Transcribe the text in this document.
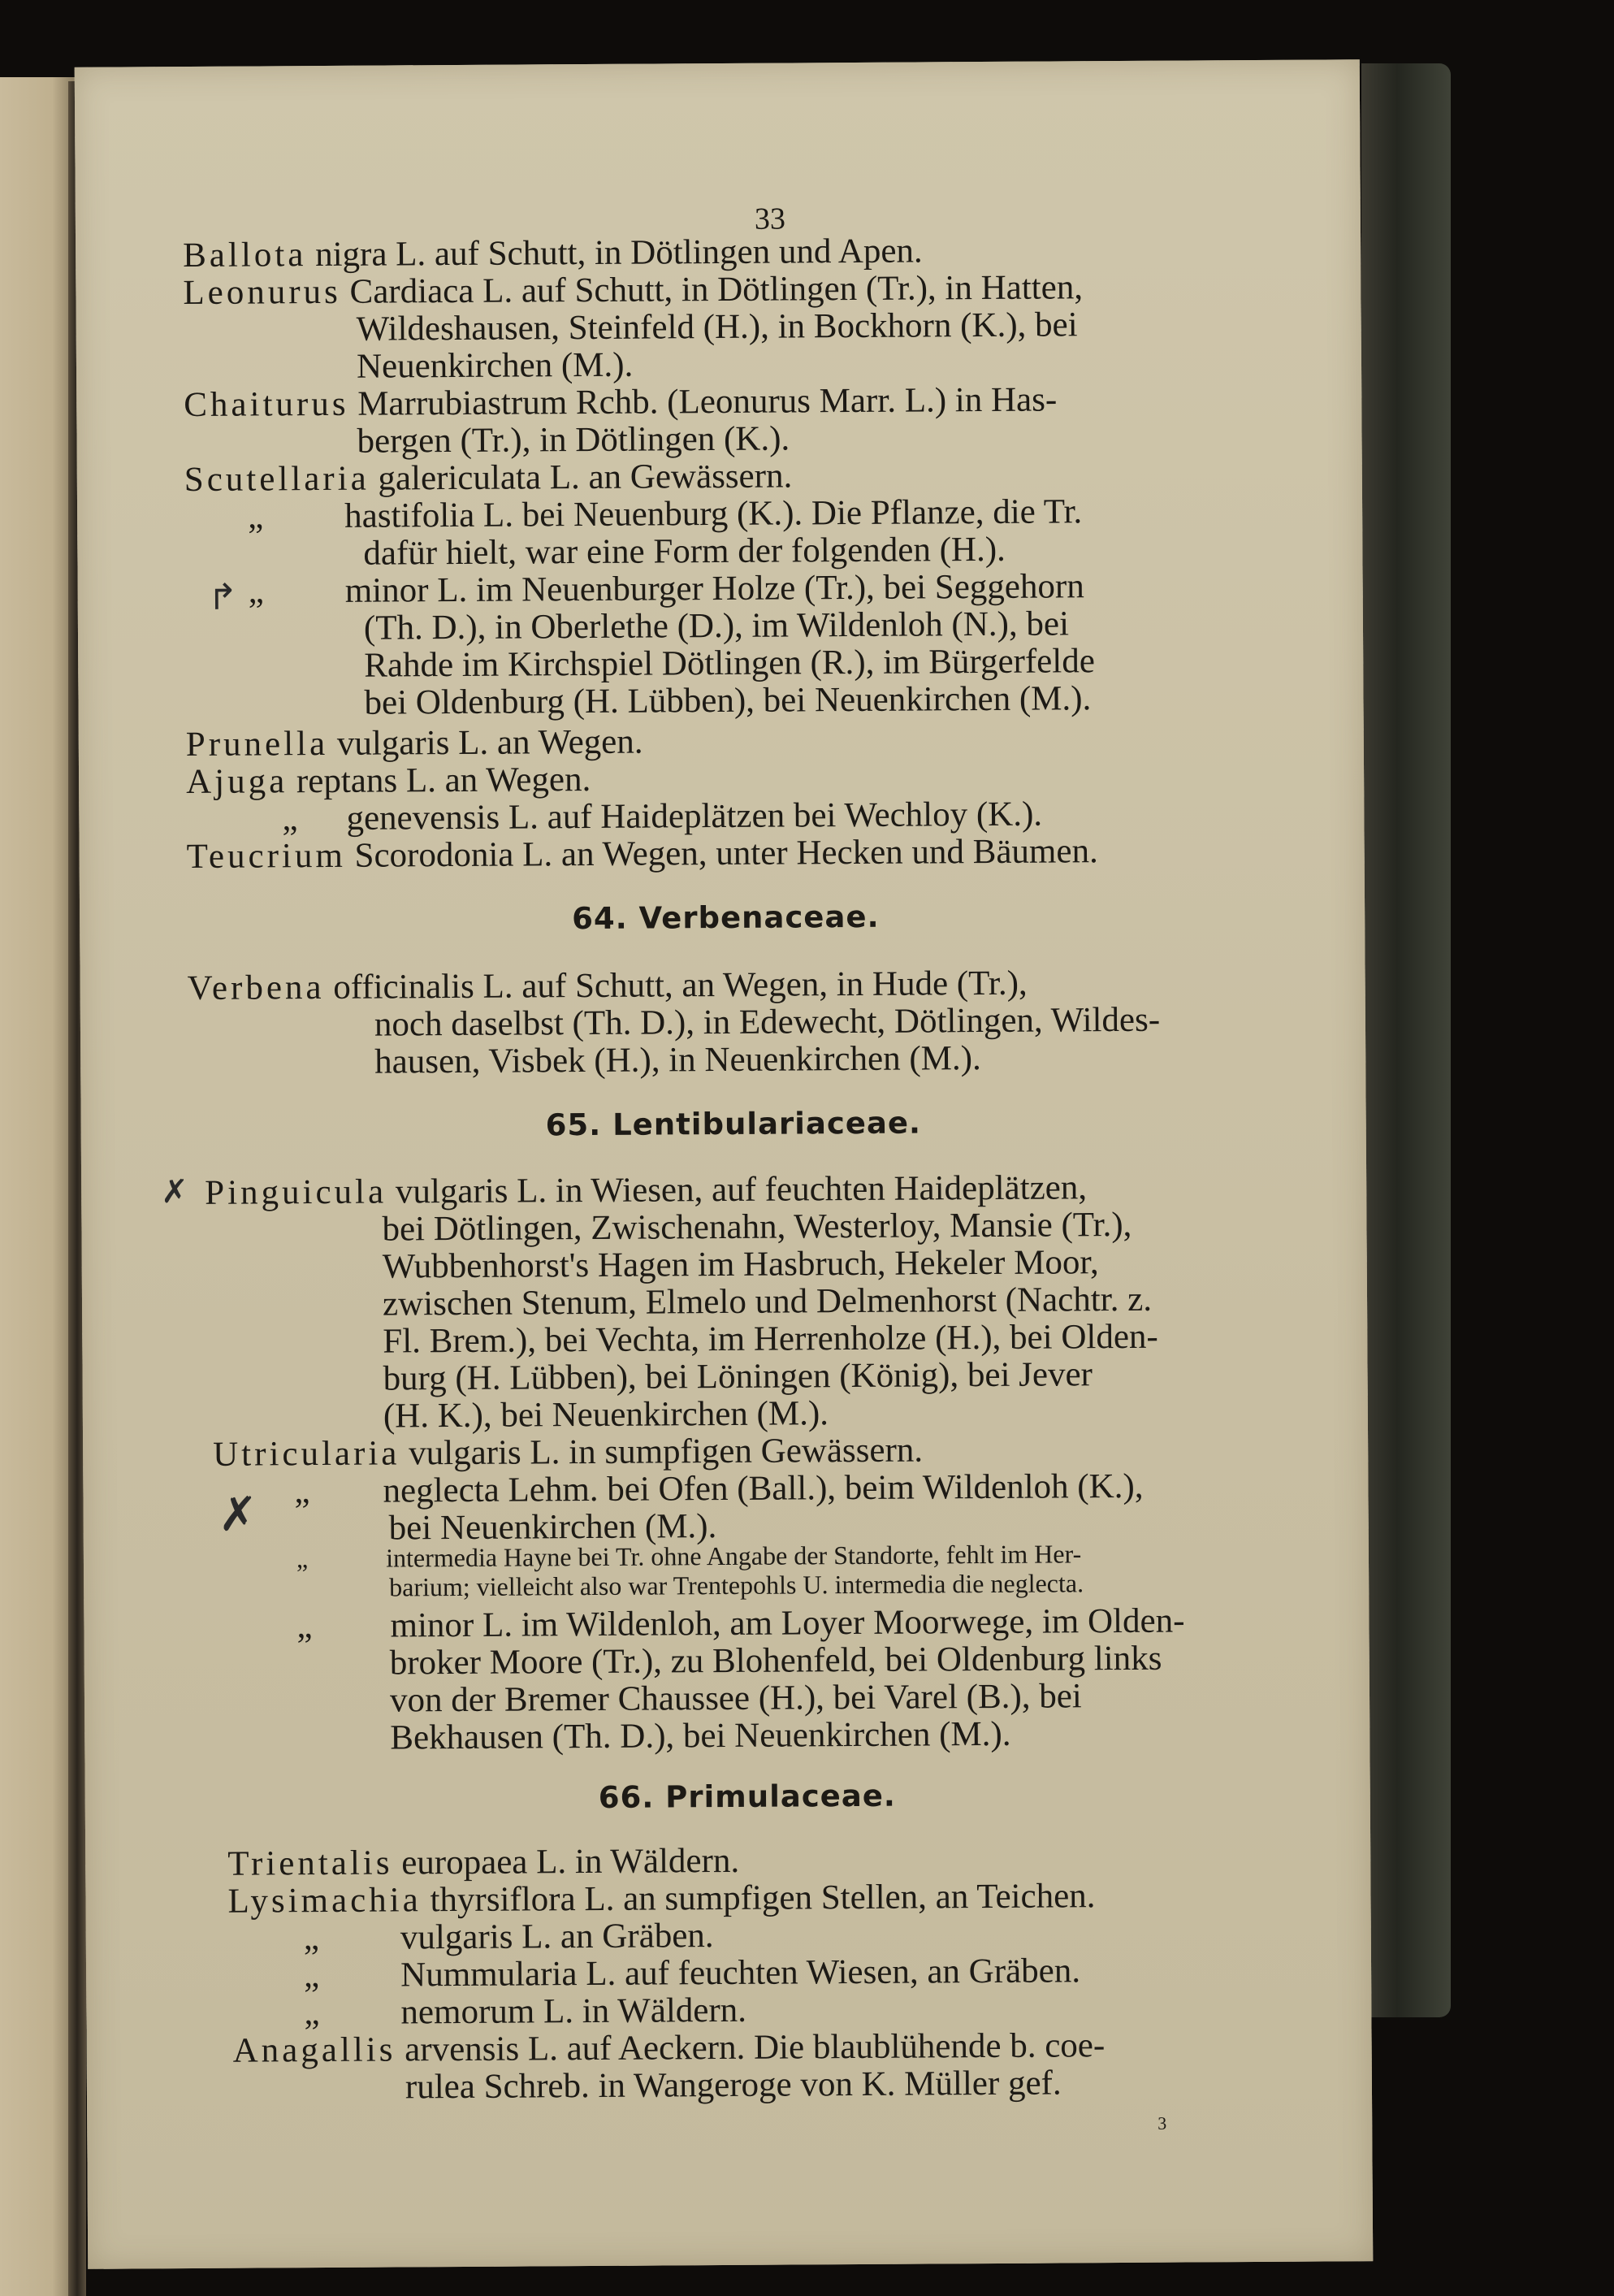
33
Ballota nigra L. auf Schutt, in Dötlingen und Apen.
Leonurus Cardiaca L. auf Schutt, in Dötlingen (Tr.), in Hatten,
Wildeshausen, Steinfeld (H.), in Bockhorn (K.), bei
Neuenkirchen (M.).
Chaiturus Marrubiastrum Rchb. (Leonurus Marr. L.) in Has-
bergen (Tr.), in Dötlingen (K.).
Scutellaria galericulata L. an Gewässern.
„ hastifolia L. bei Neuenburg (K.). Die Pflanze, die Tr.
dafür hielt, war eine Form der folgenden (H.).
„ minor L. im Neuenburger Holze (Tr.), bei Seggehorn
(Th. D.), in Oberlethe (D.), im Wildenloh (N.), bei
Rahde im Kirchspiel Dötlingen (R.), im Bürgerfelde
bei Oldenburg (H. Lübben), bei Neuenkirchen (M.).
Prunella vulgaris L. an Wegen.
Ajuga reptans L. an Wegen.
„ genevensis L. auf Haideplätzen bei Wechloy (K.).
Teucrium Scorodonia L. an Wegen, unter Hecken und Bäumen.
64. Verbenaceae.
Verbena officinalis L. auf Schutt, an Wegen, in Hude (Tr.),
noch daselbst (Th. D.), in Edewecht, Dötlingen, Wildes-
hausen, Visbek (H.), in Neuenkirchen (M.).
65. Lentibulariaceae.
Pinguicula vulgaris L. in Wiesen, auf feuchten Haideplätzen,
bei Dötlingen, Zwischenahn, Westerloy, Mansie (Tr.),
Wubbenhorst's Hagen im Hasbruch, Hekeler Moor,
zwischen Stenum, Elmelo und Delmenhorst (Nachtr. z.
Fl. Brem.), bei Vechta, im Herrenholze (H.), bei Olden-
burg (H. Lübben), bei Löningen (König), bei Jever
(H. K.), bei Neuenkirchen (M.).
Utricularia vulgaris L. in sumpfigen Gewässern.
„ neglecta Lehm. bei Ofen (Ball.), beim Wildenloh (K.),
bei Neuenkirchen (M.).
„	intermedia Hayne bei Tr. ohne Angabe der Standorte, fehlt im Her-
barium; vielleicht also war Trentepohls U. intermedia die neglecta.
„ minor L. im Wildenloh, am Loyer Moorwege, im Olden-
broker Moore (Tr.), zu Blohenfeld, bei Oldenburg links
von der Bremer Chaussee (H.), bei Varel (B.), bei
Bekhausen (Th. D.), bei Neuenkirchen (M.).
66. Primulaceae.
Trientalis europaea L. in Wäldern.
Lysimachia thyrsiflora L. an sumpfigen Stellen, an Teichen.
„ vulgaris L. an Gräben.
„ Nummularia L. auf feuchten Wiesen, an Gräben.
„ nemorum L. in Wäldern.
Anagallis arvensis L. auf Aeckern. Die blaublühende b. coe-
rulea Schreb. in Wangeroge von K. Müller gef.
3
↱
✗
✗
